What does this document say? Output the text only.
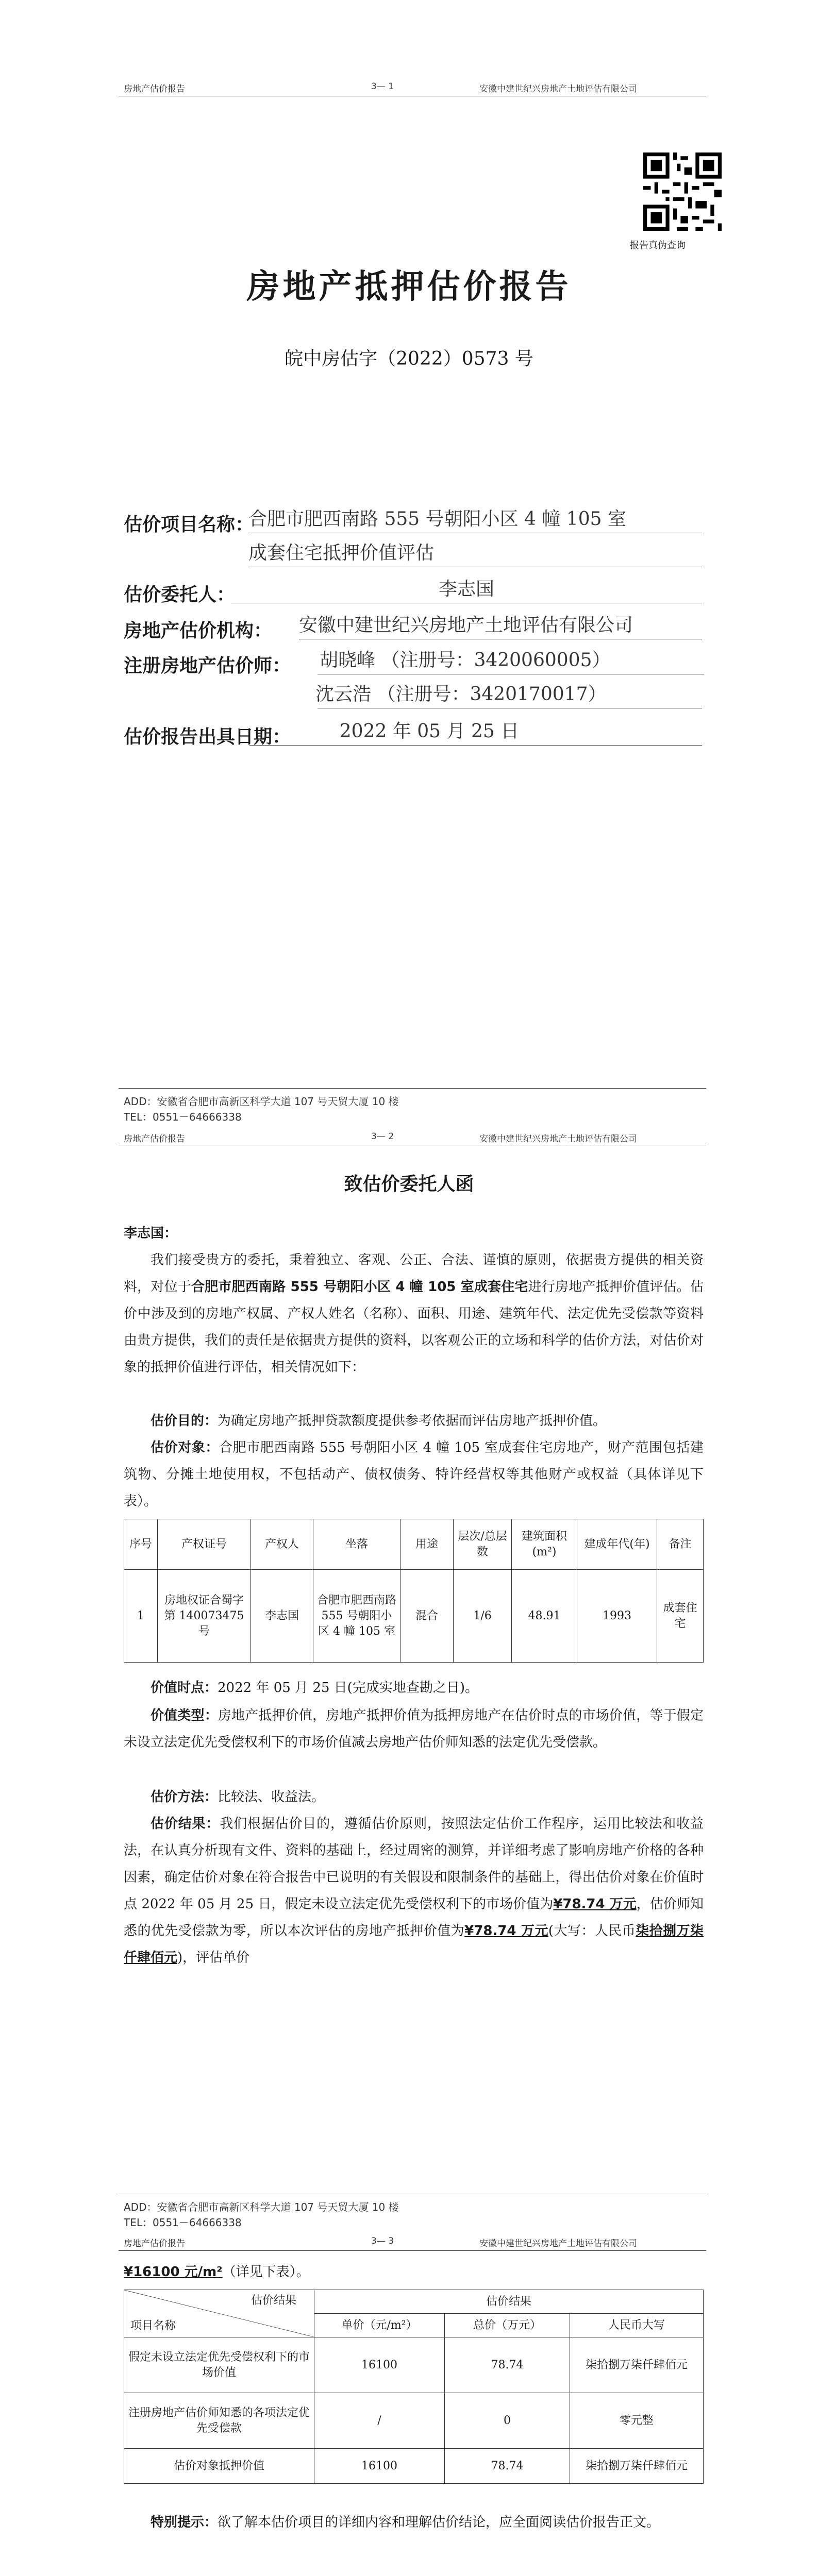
房地产估价报告	3— 1	安徽中建世纪兴房地产土地评估有限公司
报告真伪查询
房地产抵押估价报告
皖中房估字（2022）0573 号
估价项目名称：
合肥市肥西南路 555 号朝阳小区 4 幢 105 室
成套住宅抵押价值评估
估价委托人：	李志国
房地产估价机构： 安徽中建世纪兴房地产土地评估有限公司
注册房地产估价师： 胡晓峰 （注册号：3420060005）
沈云浩 （注册号：3420170017）
估价报告出具日期：	2022 年 05 月 25 日
ADD：安徽省合肥市高新区科学大道 107 号天贸大厦 10 楼
TEL：0551－64666338
房地产估价报告	3— 2	安徽中建世纪兴房地产土地评估有限公司
致估价委托人函
李志国：
我们接受贵方的委托，秉着独立、客观、公正、合法、谨慎的原则，依据贵方提供的相关资料，对位于合肥市肥西南路 555 号朝阳小区 4 幢 105 室成套住宅进行房地产抵押价值评估。估价中涉及到的房地产权属、产权人姓名（名称）、面积、用途、建筑年代、法定优先受偿款等资料由贵方提供，我们的责任是依据贵方提供的资料，以客观公正的立场和科学的估价方法，对估价对象的抵押价值进行评估，相关情况如下：
估价目的：为确定房地产抵押贷款额度提供参考依据而评估房地产抵押价值。
估价对象：合肥市肥西南路 555 号朝阳小区 4 幢 105 室成套住宅房地产，财产范围包括建筑物、分摊土地使用权，不包括动产、债权债务、特许经营权等其他财产或权益（具体详见下表）。
序号	产权证号	产权人	坐落	用途	层次/总层数	建筑面积(m²)	建成年代(年)	备注
1	房地权证合蜀字第 140073475 号	李志国	合肥市肥西南路 555 号朝阳小区 4 幢 105 室	混合	1/6	48.91	1993	成套住宅
价值时点：2022 年 05 月 25 日(完成实地查勘之日)。
价值类型：房地产抵押价值，房地产抵押价值为抵押房地产在估价时点的市场价值，等于假定未设立法定优先受偿权利下的市场价值减去房地产估价师知悉的法定优先受偿款。
估价方法：比较法、收益法。
估价结果：我们根据估价目的，遵循估价原则，按照法定估价工作程序，运用比较法和收益法，在认真分析现有文件、资料的基础上，经过周密的测算，并详细考虑了影响房地产价格的各种因素，确定估价对象在符合报告中已说明的有关假设和限制条件的基础上，得出估价对象在价值时点 2022 年 05 月 25 日，假定未设立法定优先受偿权利下的市场价值为¥78.74 万元，估价师知悉的优先受偿款为零，所以本次评估的房地产抵押价值为¥78.74 万元(大写：人民币柒拾捌万柒仟肆佰元)，评估单价
ADD：安徽省合肥市高新区科学大道 107 号天贸大厦 10 楼
TEL：0551－64666338
房地产估价报告	3— 3	安徽中建世纪兴房地产土地评估有限公司
¥16100 元/m²（详见下表）。
估价结果
项目名称	估价结果		
	单价（元/m²）	总价（万元）	人民币大写
假定未设立法定优先受偿权利下的市场价值	16100	78.74	柒拾捌万柒仟肆佰元
注册房地产估价师知悉的各项法定优先受偿款	/	0	零元整
估价对象抵押价值	16100	78.74	柒拾捌万柒仟肆佰元
特别提示：欲了解本估价项目的详细内容和理解估价结论，应全面阅读估价报告正文。
